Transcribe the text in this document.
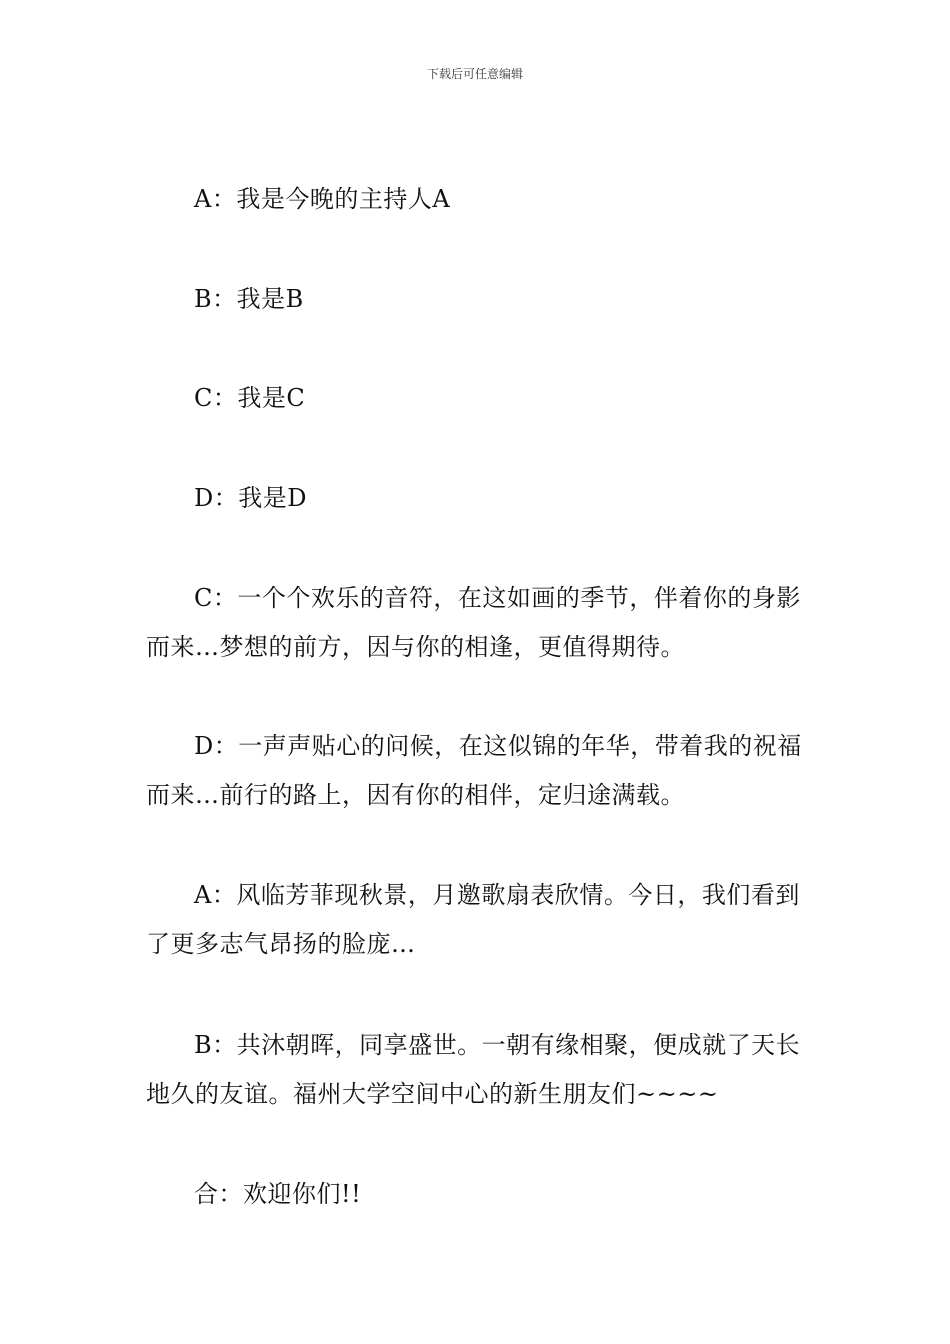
下载后可任意编辑

A：我是今晚的主持人A

B：我是B

C：我是C

D：我是D

C：一个个欢乐的音符，在这如画的季节，伴着你的身影而来…梦想的前方，因与你的相逢，更值得期待。

D：一声声贴心的问候，在这似锦的年华，带着我的祝福而来…前行的路上，因有你的相伴，定归途满载。

A：风临芳菲现秋景，月邀歌扇表欣情。今日，我们看到了更多志气昂扬的脸庞…

B：共沐朝晖，同享盛世。一朝有缘相聚，便成就了天长地久的友谊。福州大学空间中心的新生朋友们~~~~

合：欢迎你们!!
